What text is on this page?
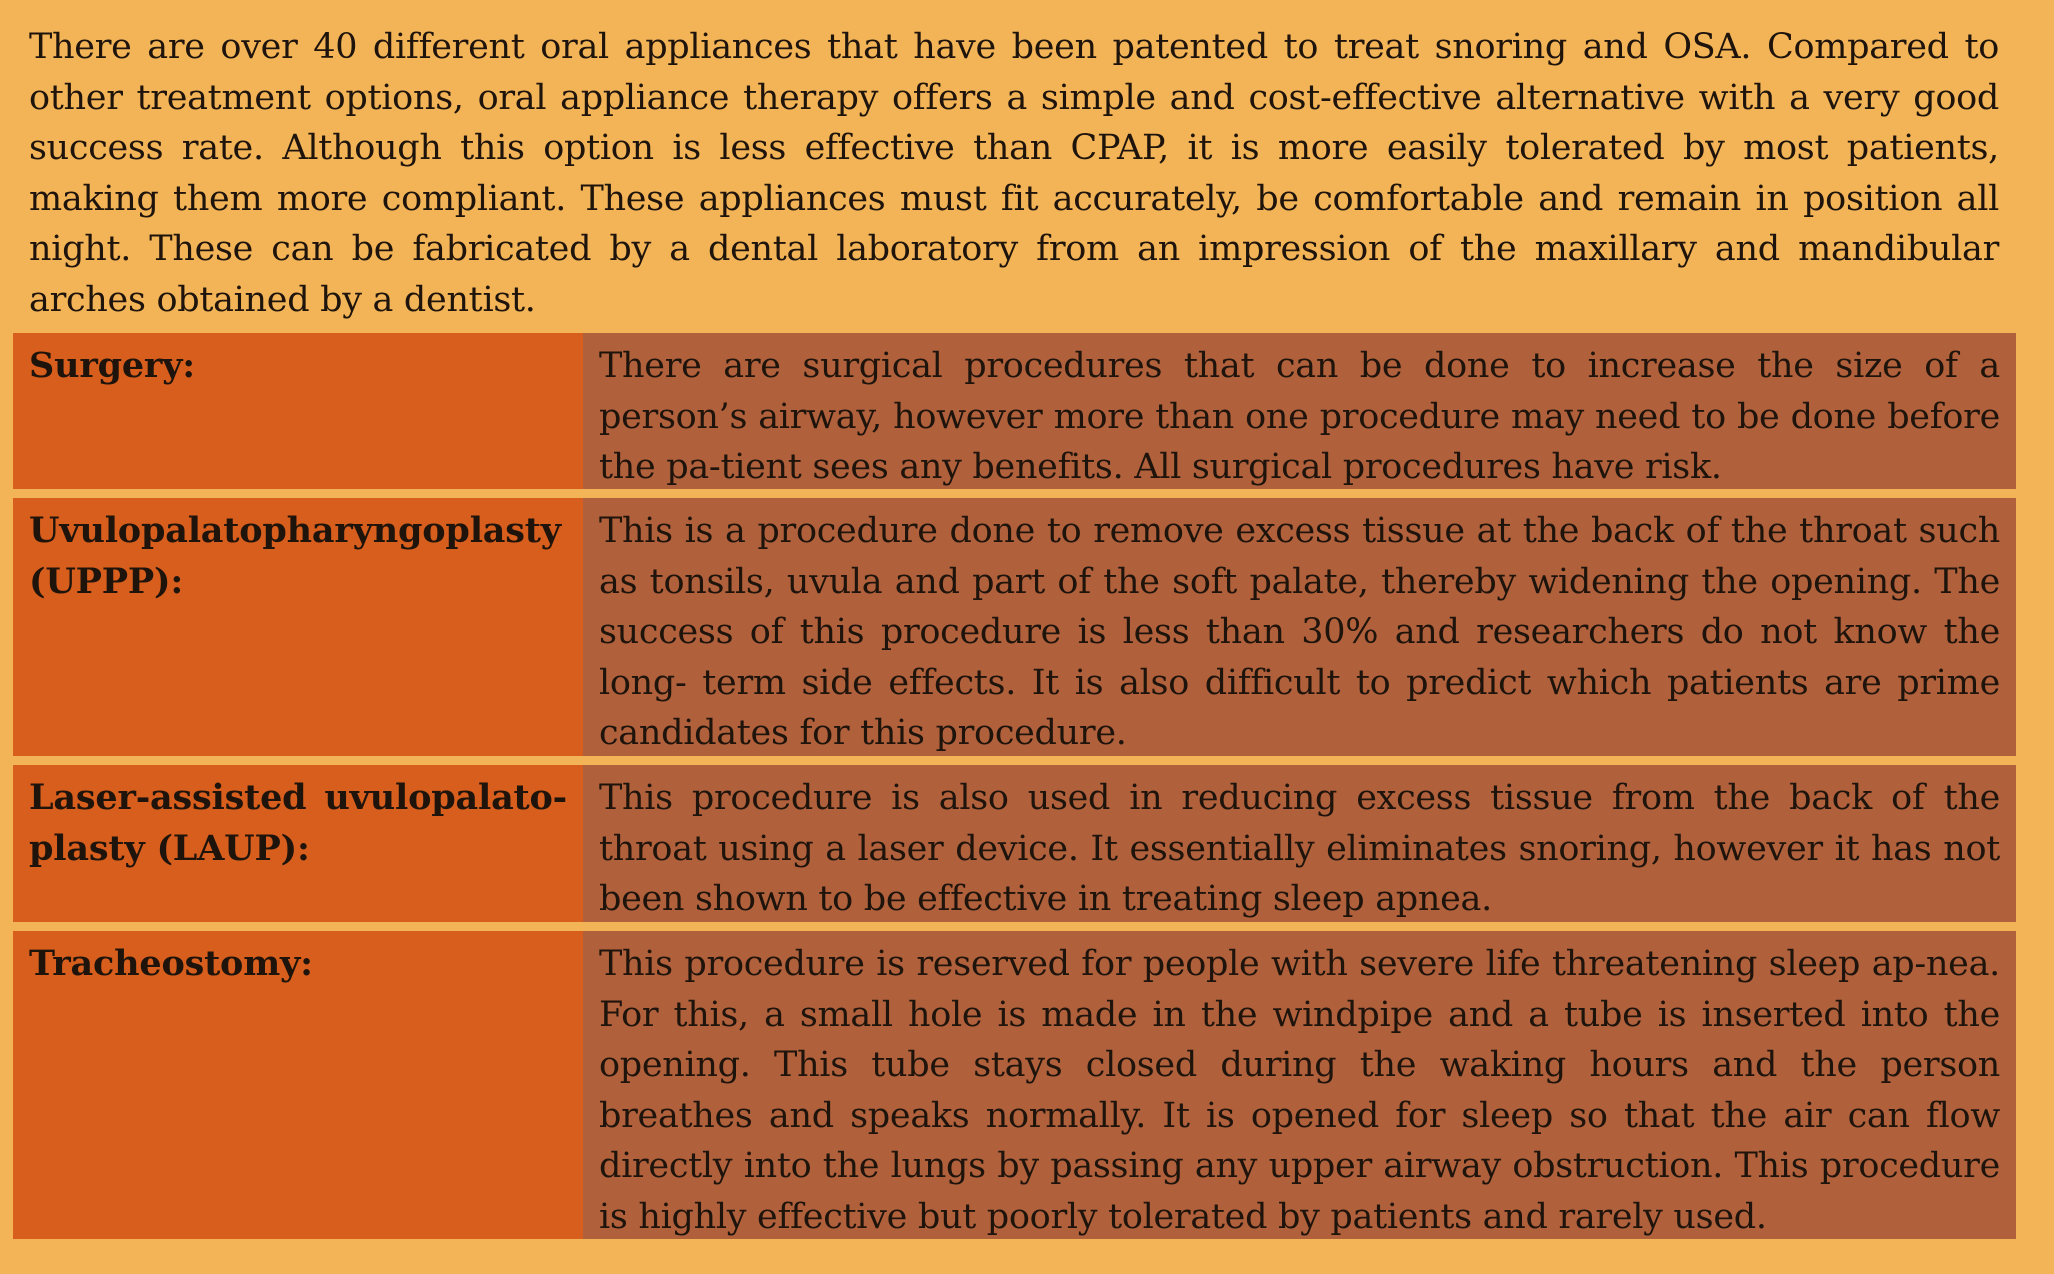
There are over 40 different oral appliances that have been patented to treat snoring and OSA. Compared to other treatment options, oral appliance therapy offers a simple and cost-effective alternative with a very good success rate. Although this option is less effective than CPAP, it is more easily tolerated by most patients, making them more compliant. These appliances must fit accurately, be comfortable and remain in position all night. These can be fabricated by a dental laboratory from an impression of the maxillary and mandibular arches obtained by a dentist.

Surgery:	There are surgical procedures that can be done to increase the size of a person’s airway, however more than one procedure may need to be done before the pa-tient sees any benefits. All surgical procedures have risk.
Uvulopalatopharyngoplasty (UPPP):
This is a procedure done to remove excess tissue at the back of the throat such as tonsils, uvula and part of the soft palate, thereby widening the opening. The success of this procedure is less than 30% and researchers do not know the long- term side effects. It is also difficult to predict which patients are prime candidates for this procedure.
Laser-assisted uvulopalato-plasty (LAUP):
This procedure is also used in reducing excess tissue from the back of the throat using a laser device. It essentially eliminates snoring, however it has not been shown to be effective in treating sleep apnea.
Tracheostomy:	This procedure is reserved for people with severe life threatening sleep ap-nea. For this, a small hole is made in the windpipe and a tube is inserted into the opening. This tube stays closed during the waking hours and the person breathes and speaks normally. It is opened for sleep so that the air can flow directly into the lungs by passing any upper airway obstruction. This procedure is highly effective but poorly tolerated by patients and rarely used.
